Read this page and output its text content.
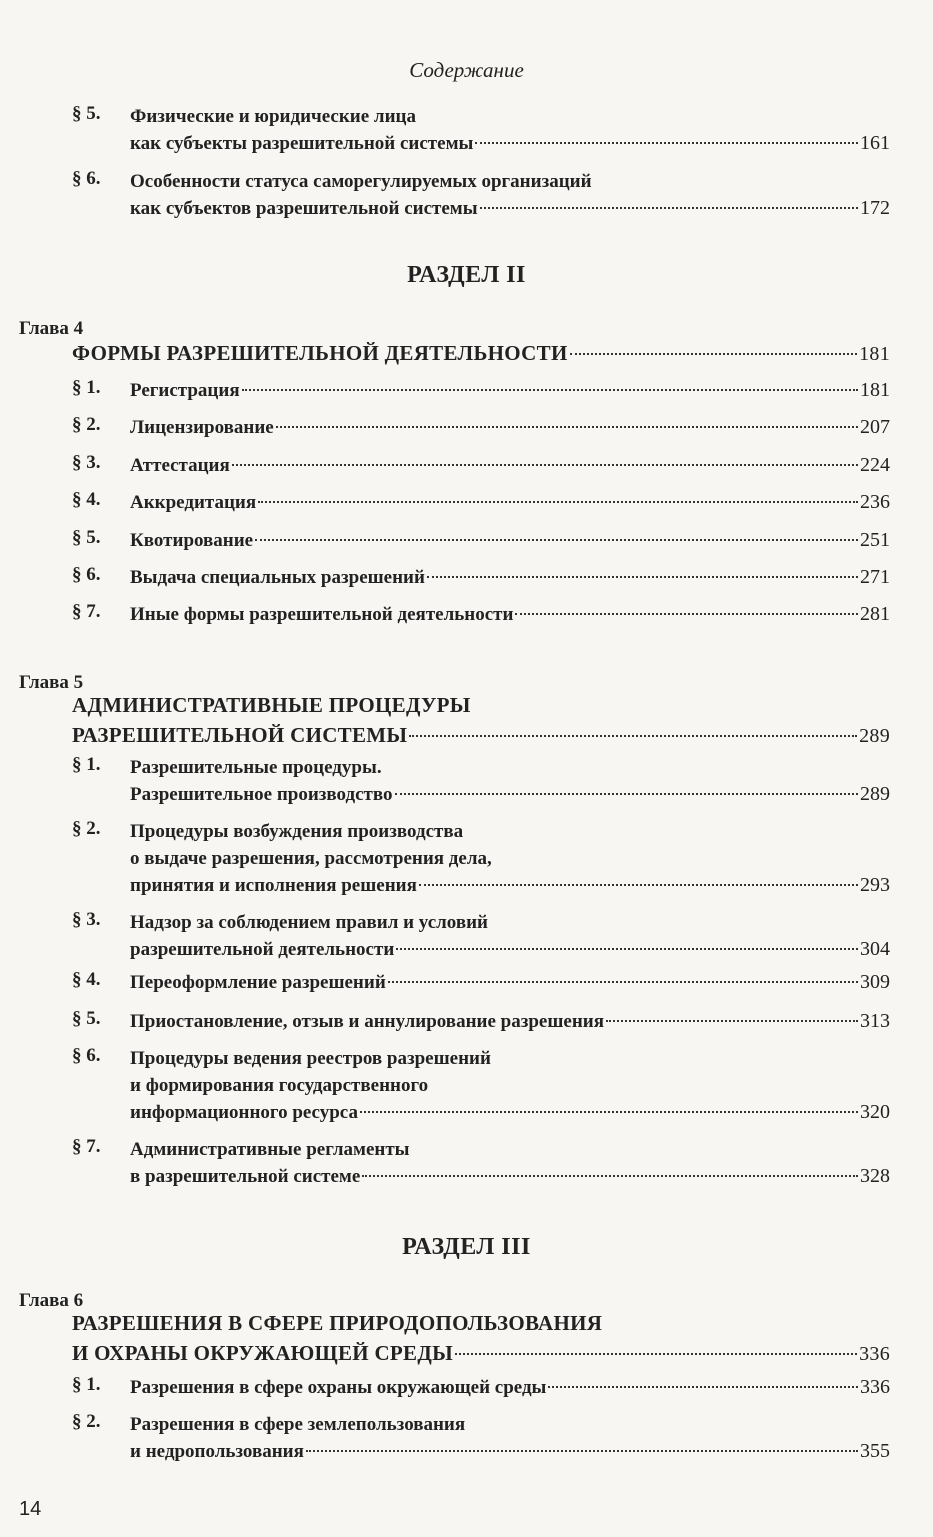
Содержание
§ 5.	Физические и юридические лица
как субъекты разрешительной системы	161
§ 6.	Особенности статуса саморегулируемых организаций
как субъектов разрешительной системы	172
РАЗДЕЛ II
Глава 4
ФОРМЫ РАЗРЕШИТЕЛЬНОЙ ДЕЯТЕЛЬНОСТИ	181
§ 1.	Регистрация	181
§ 2.	Лицензирование	207
§ 3.	Аттестация	224
§ 4.	Аккредитация	236
§ 5.	Квотирование	251
§ 6.	Выдача специальных разрешений	271
§ 7.	Иные формы разрешительной деятельности	281
Глава 5
АДМИНИСТРАТИВНЫЕ ПРОЦЕДУРЫ
РАЗРЕШИТЕЛЬНОЙ СИСТЕМЫ	289
§ 1.	Разрешительные процедуры.
Разрешительное производство	289
§ 2.	Процедуры возбуждения производства
о выдаче разрешения, рассмотрения дела,
принятия и исполнения решения	293
§ 3.	Надзор за соблюдением правил и условий
разрешительной деятельности	304
§ 4.	Переоформление разрешений	309
§ 5.	Приостановление, отзыв и аннулирование разрешения	313
§ 6.	Процедуры ведения реестров разрешений
и формирования государственного
информационного ресурса	320
§ 7.	Административные регламенты
в разрешительной системе	328
РАЗДЕЛ III
Глава 6
РАЗРЕШЕНИЯ В СФЕРЕ ПРИРОДОПОЛЬЗОВАНИЯ
И ОХРАНЫ ОКРУЖАЮЩЕЙ СРЕДЫ	336
§ 1.	Разрешения в сфере охраны окружающей среды	336
§ 2.	Разрешения в сфере землепользования
и недропользования	355
14
